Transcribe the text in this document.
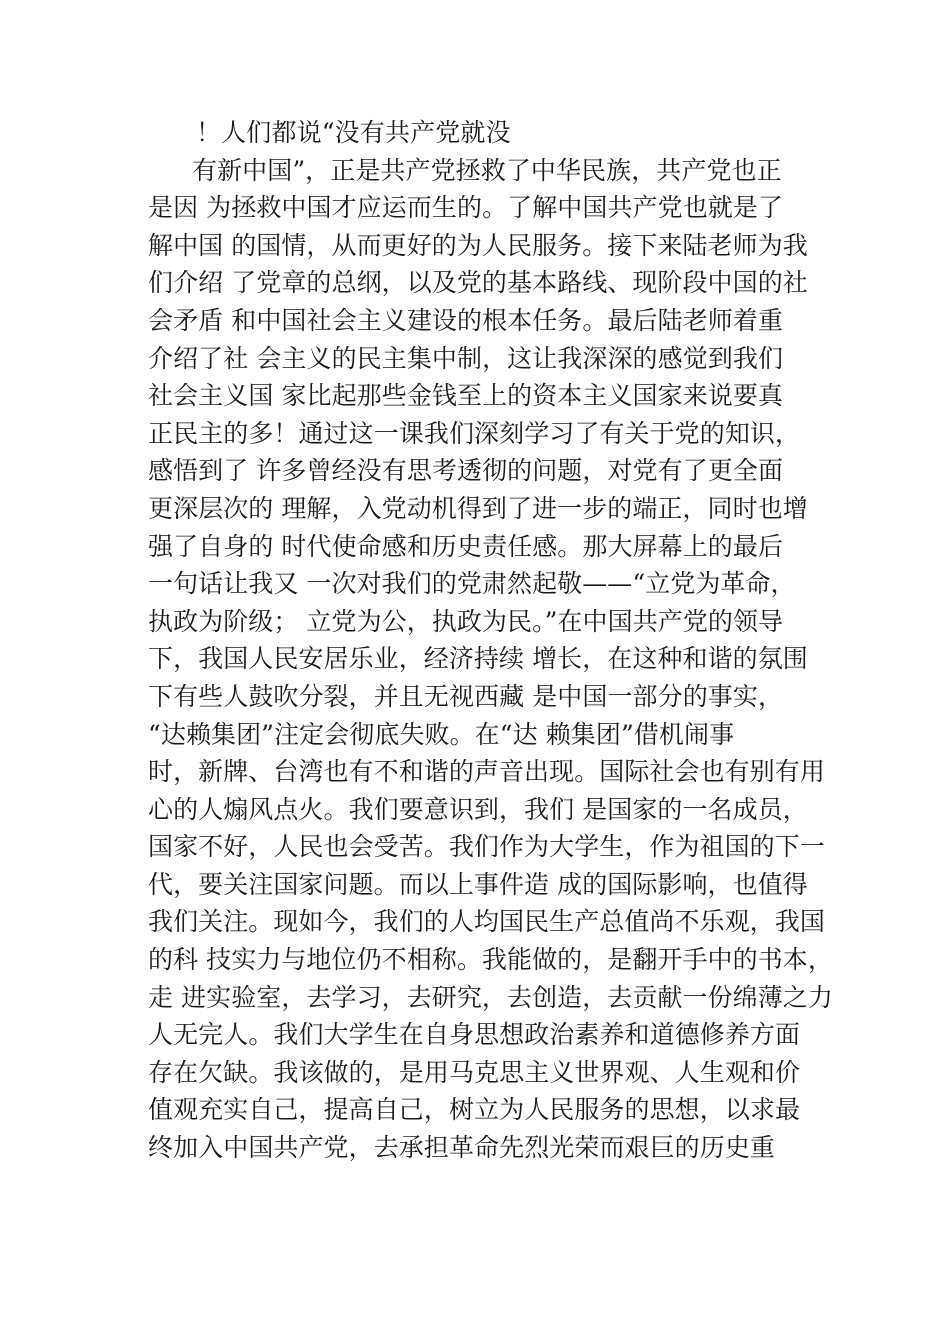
！人们都说“没有共产党就没
有新中国”，正是共产党拯救了中华民族，共产党也正
是因 为拯救中国才应运而生的。了解中国共产党也就是了
解中国 的国情，从而更好的为人民服务。接下来陆老师为我
们介绍 了党章的总纲，以及党的基本路线、现阶段中国的社
会矛盾 和中国社会主义建设的根本任务。最后陆老师着重
介绍了社 会主义的民主集中制，这让我深深的感觉到我们
社会主义国 家比起那些金钱至上的资本主义国家来说要真
正民主的多！通过这一课我们深刻学习了有关于党的知识，
感悟到了 许多曾经没有思考透彻的问题，对党有了更全面
更深层次的 理解，入党动机得到了进一步的端正，同时也增
强了自身的 时代使命感和历史责任感。那大屏幕上的最后
一句话让我又 一次对我们的党肃然起敬——“立党为革命，
执政为阶级； 立党为公，执政为民。”在中国共产党的领导
下，我国人民安居乐业，经济持续 增长，在这种和谐的氛围
下有些人鼓吹分裂，并且无视西藏 是中国一部分的事实，
“达赖集团”注定会彻底失败。在“达 赖集团”借机闹事
时，新牌、台湾也有不和谐的声音出现。国际社会也有别有用
心的人煽风点火。我们要意识到，我们 是国家的一名成员，
国家不好，人民也会受苦。我们作为大学生，作为祖国的下一
代，要关注国家问题。而以上事件造 成的国际影响，也值得
我们关注。现如今，我们的人均国民生产总值尚不乐观，我国
的科 技实力与地位仍不相称。我能做的，是翻开手中的书本，
走 进实验室，去学习，去研究，去创造，去贡献一份绵薄之力
人无完人。我们大学生在自身思想政治素养和道德修养方面
存在欠缺。我该做的，是用马克思主义世界观、人生观和价
值观充实自己，提高自己，树立为人民服务的思想，以求最
终加入中国共产党，去承担革命先烈光荣而艰巨的历史重
